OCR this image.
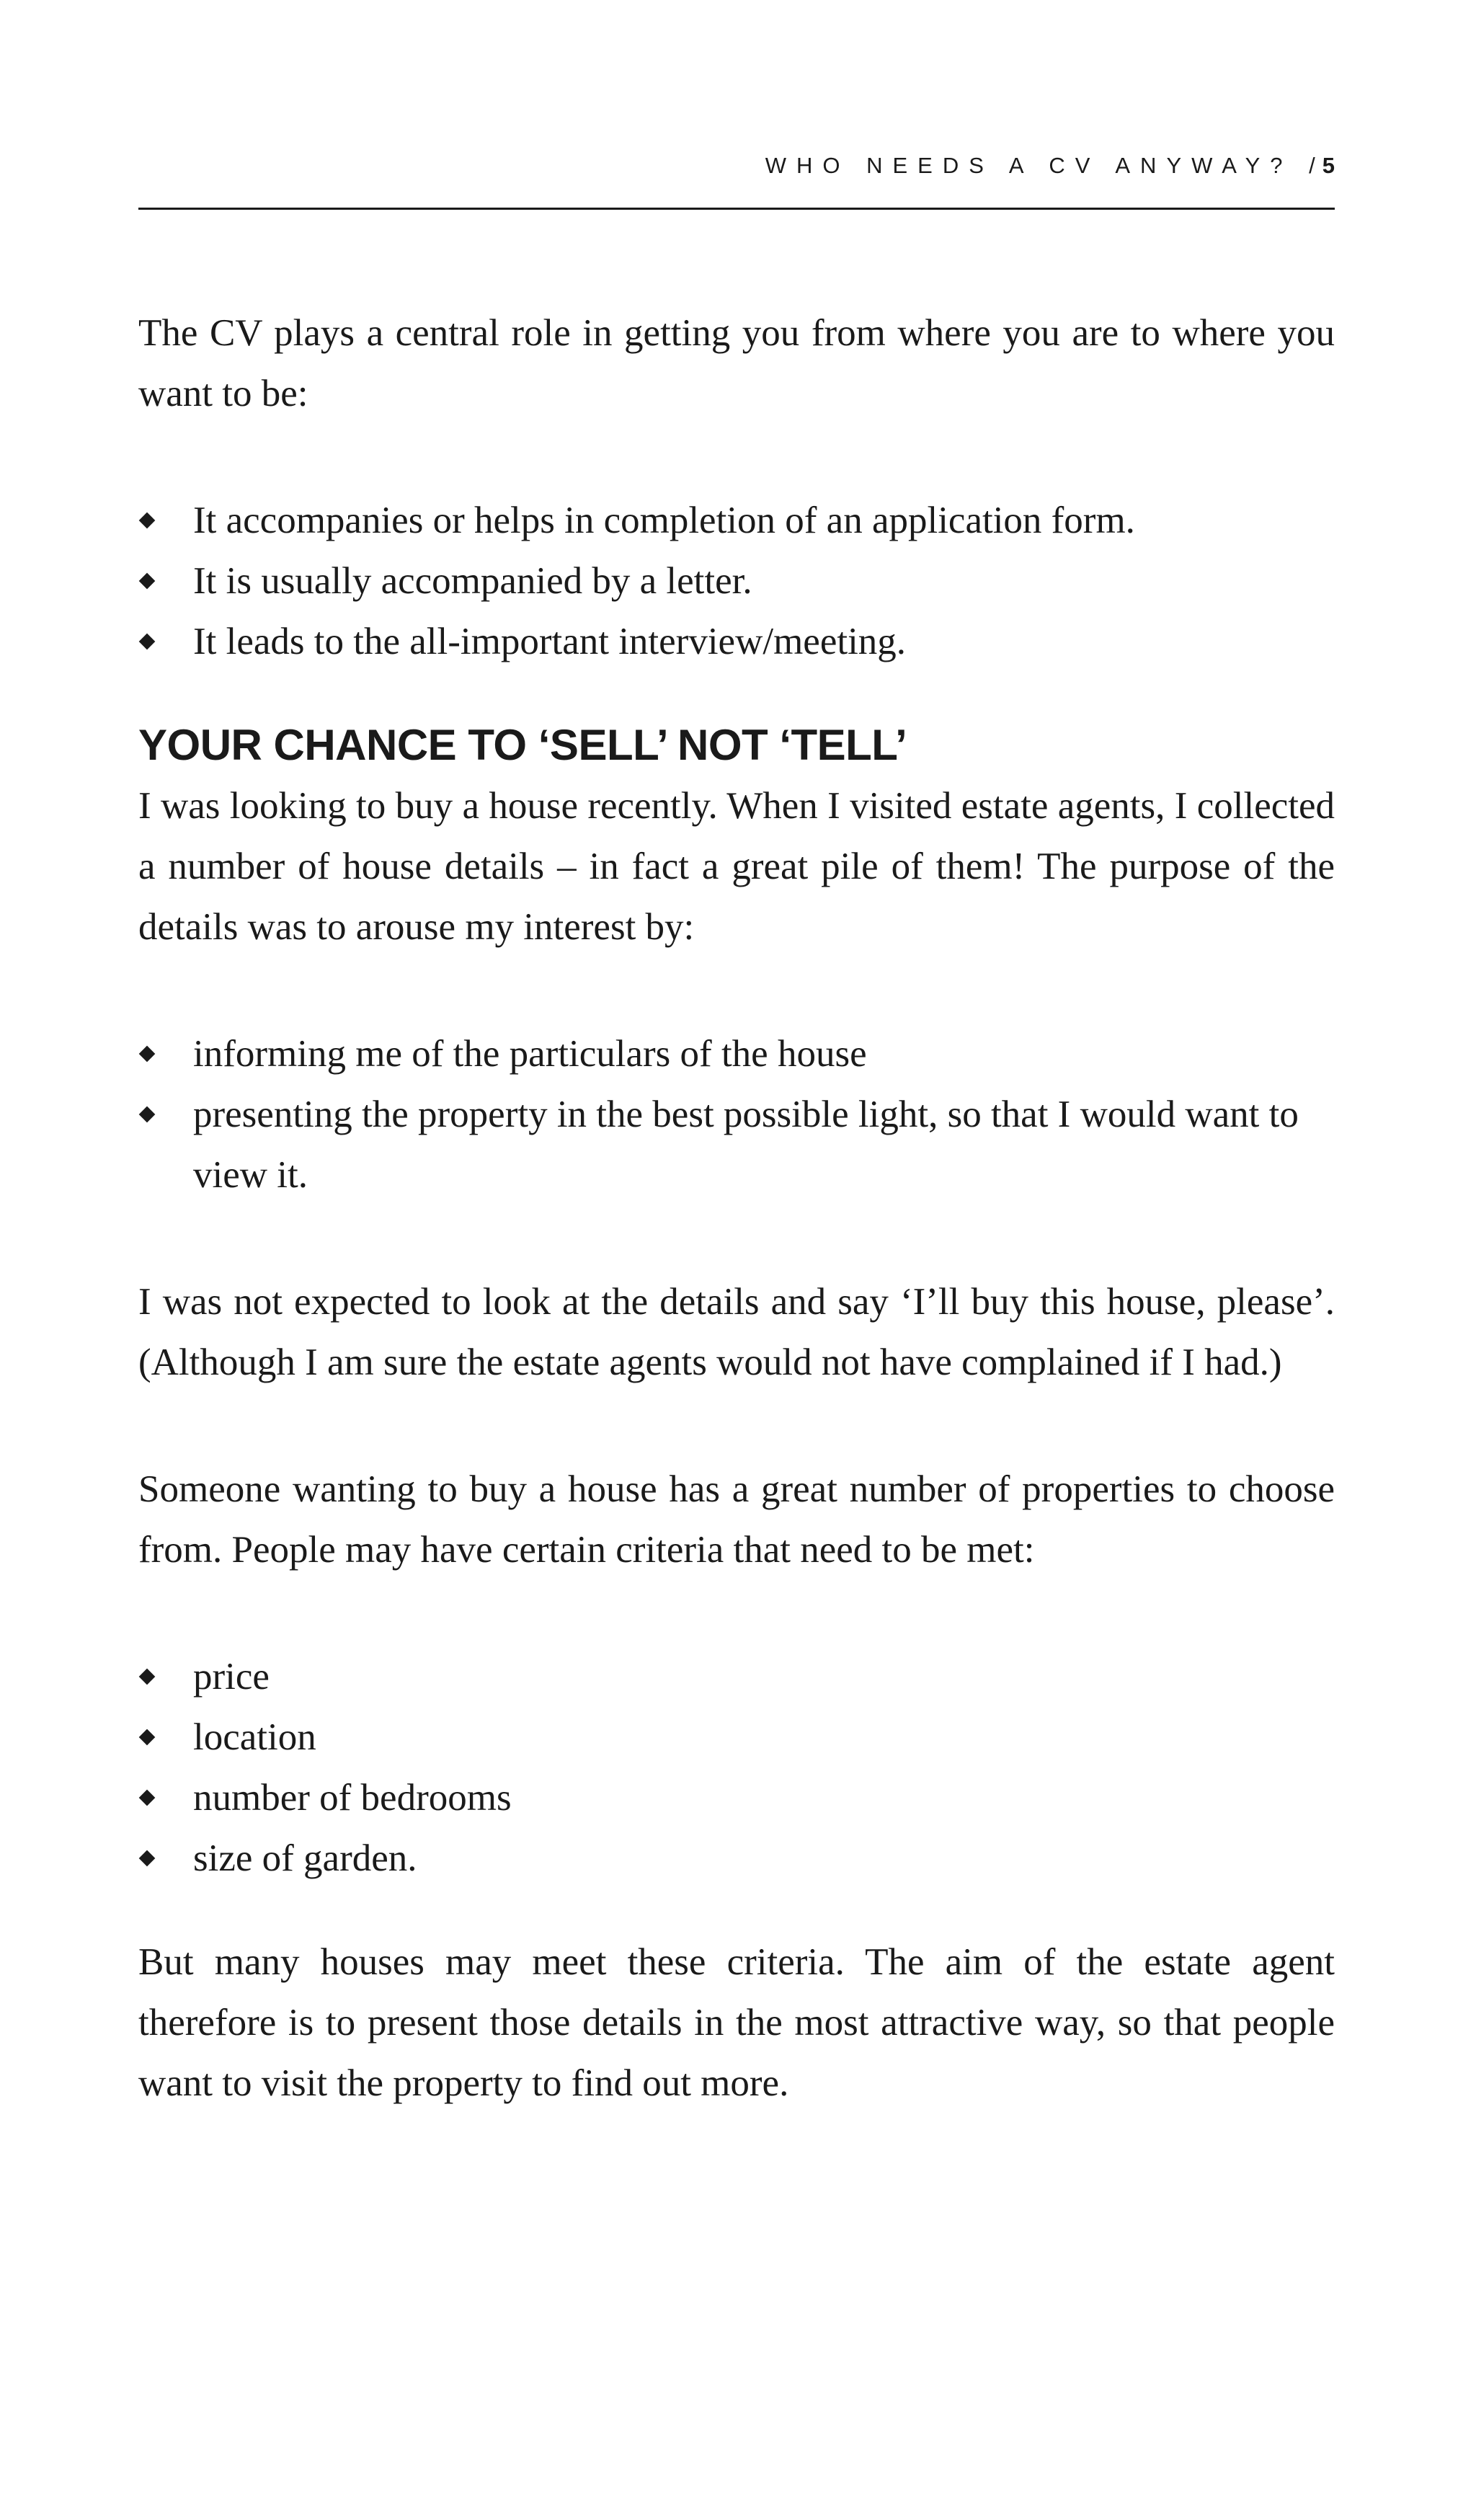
WHO NEEDS A CV ANYWAY? /5

The CV plays a central role in getting you from where you are to where you want to be:

It accompanies or helps in completion of an application form.
It is usually accompanied by a letter.
It leads to the all-important interview/meeting.
YOUR CHANCE TO ‘SELL’ NOT ‘TELL’

I was looking to buy a house recently. When I visited estate agents, I collected a number of house details – in fact a great pile of them! The purpose of the details was to arouse my interest by:

informing me of the particulars of the house
presenting the property in the best possible light, so that I would want to view it.

I was not expected to look at the details and say ‘I’ll buy this house, please’. (Although I am sure the estate agents would not have complained if I had.)

Someone wanting to buy a house has a great number of properties to choose from. People may have certain criteria that need to be met:

price
location
number of bedrooms
size of garden.

But many houses may meet these criteria. The aim of the estate agent therefore is to present those details in the most attractive way, so that people want to visit the property to find out more.
